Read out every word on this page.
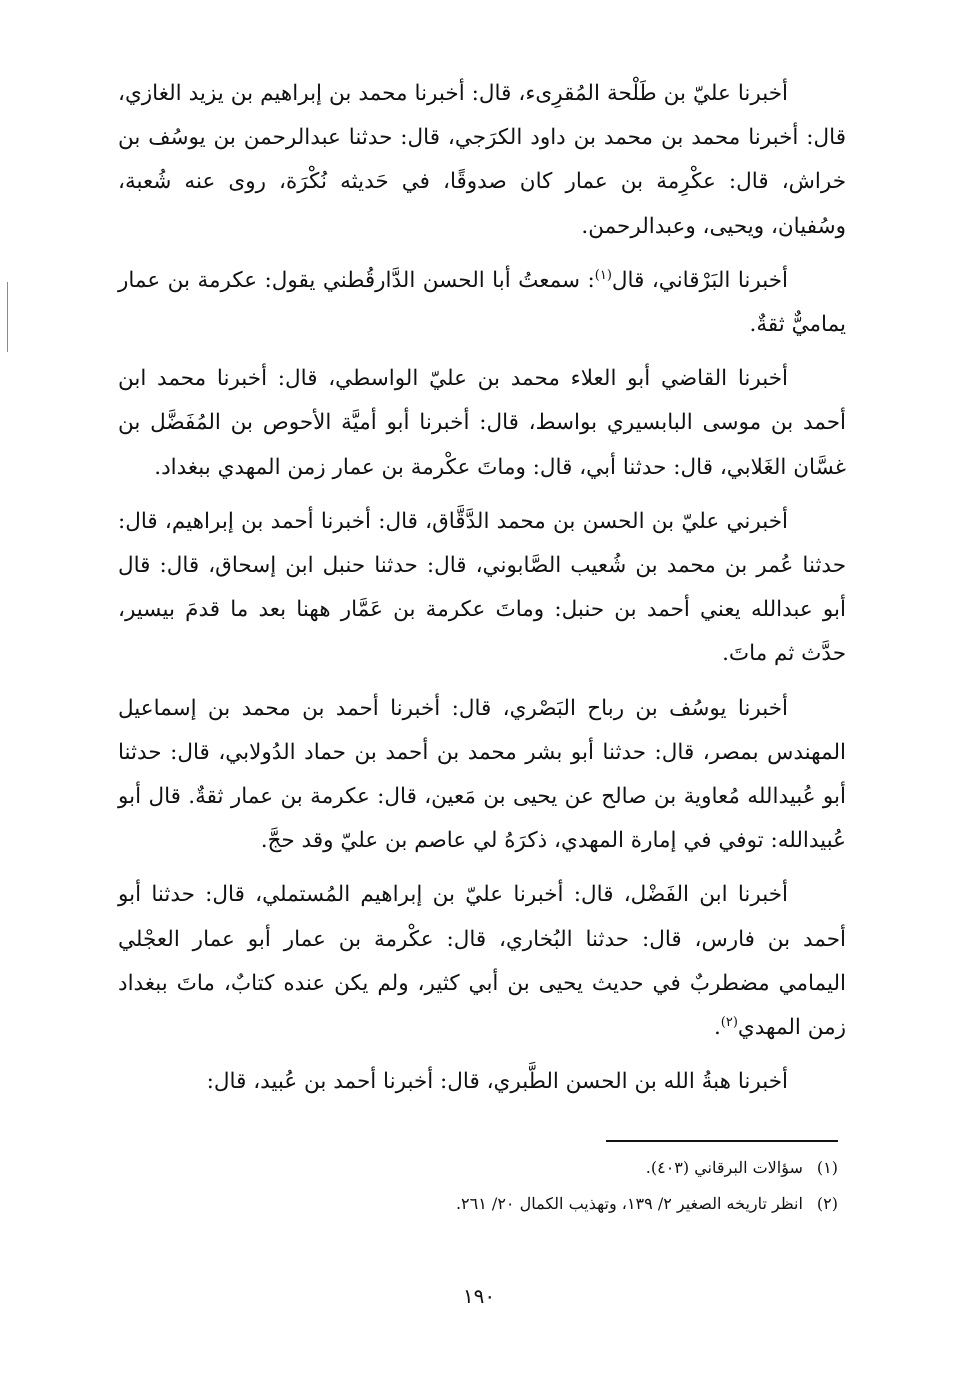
أخبرنا عليّ بن طَلْحة المُقرِىء، قال: أخبرنا محمد بن إبراهيم بن يزيد الغازي، قال: أخبرنا محمد بن محمد بن داود الكرَجي، قال: حدثنا عبدالرحمن بن يوسُف بن خراش، قال: عكْرِمة بن عمار كان صدوقًا، في حَديثه نُكْرَة، روى عنه شُعبة، وسُفيان، ويحيى، وعبدالرحمن.

أخبرنا البَرْقاني، قال$^{(١)}$: سمعتُ أبا الحسن الدَّارقُطني يقول: عكرمة بن عمار يماميٌّ ثقةٌ.

أخبرنا القاضي أبو العلاء محمد بن عليّ الواسطي، قال: أخبرنا محمد ابن أحمد بن موسى البابسيري بواسط، قال: أخبرنا أبو أميَّة الأحوص بن المُفَضَّل بن غسَّان الغَلابي، قال: حدثنا أبي، قال: وماتَ عكْرمة بن عمار زمن المهدي ببغداد.

أخبرني عليّ بن الحسن بن محمد الدَّقَّاق، قال: أخبرنا أحمد بن إبراهيم، قال: حدثنا عُمر بن محمد بن شُعيب الصَّابوني، قال: حدثنا حنبل ابن إسحاق، قال: قال أبو عبدالله يعني أحمد بن حنبل: وماتَ عكرمة بن عَمَّار ههنا بعد ما قدمَ بيسير، حدَّث ثم ماتَ.

أخبرنا يوسُف بن رباح البَصْري، قال: أخبرنا أحمد بن محمد بن إسماعيل المهندس بمصر، قال: حدثنا أبو بشر محمد بن أحمد بن حماد الدُولابي، قال: حدثنا أبو عُبيدالله مُعاوية بن صالح عن يحيى بن مَعين، قال: عكرمة بن عمار ثقةٌ. قال أبو عُبيدالله: توفي في إمارة المهدي، ذكرَهُ لي عاصم بن عليّ وقد حجَّ.

أخبرنا ابن الفَضْل، قال: أخبرنا عليّ بن إبراهيم المُستملي، قال: حدثنا أبو أحمد بن فارس، قال: حدثنا البُخاري، قال: عكْرمة بن عمار أبو عمار العجْلي اليمامي مضطربٌ في حديث يحيى بن أبي كثير، ولم يكن عنده كتابٌ، ماتَ ببغداد زمن المهدي$^{(٢)}$.

أخبرنا هبةُ الله بن الحسن الطَّبري، قال: أخبرنا أحمد بن عُبيد، قال:

(١) سؤالات البرقاني (٤٠٣).

(٢) انظر تاريخه الصغير ٢/ ١٣٩، وتهذيب الكمال ٢٠/ ٢٦١.

١٩٠
